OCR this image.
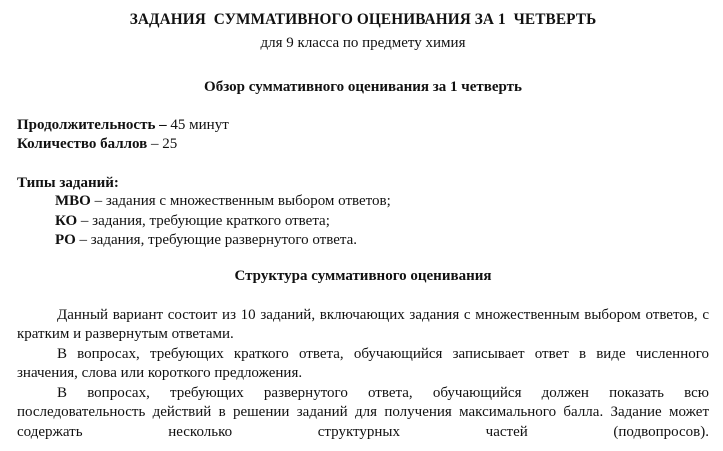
ЗАДАНИЯ  СУММАТИВНОГО ОЦЕНИВАНИЯ ЗА 1  ЧЕТВЕРТЬ
для 9 класса по предмету химия
Обзор суммативного оценивания за 1 четверть
Продолжительность – 45 минут
Количество баллов – 25
Типы заданий:
МВО – задания с множественным выбором ответов;
КО – задания, требующие краткого ответа;
РО – задания, требующие развернутого ответа.
Структура суммативного оценивания
Данный вариант состоит из 10 заданий, включающих задания с множественным выбором ответов, с кратким и развернутым ответами.
В вопросах, требующих краткого ответа, обучающийся записывает ответ в виде численного значения, слова или короткого предложения.
В вопросах, требующих развернутого ответа, обучающийся должен показать всю последовательность действий в решении заданий для получения максимального балла. Задание может содержать несколько структурных частей (подвопросов).
